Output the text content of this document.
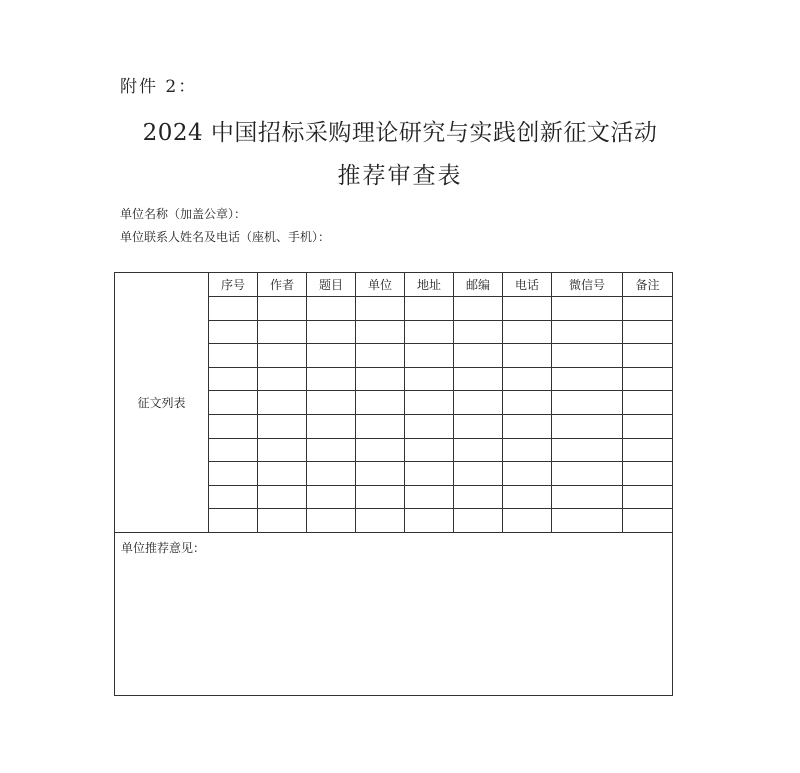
附件 2：
2024 中国招标采购理论研究与实践创新征文活动
推荐审查表
单位名称（加盖公章）：
单位联系人姓名及电话（座机、手机）：
征文列表	序号	作者	题目	单位	地址	邮编	电话	微信号	备注

单位推荐意见：									
